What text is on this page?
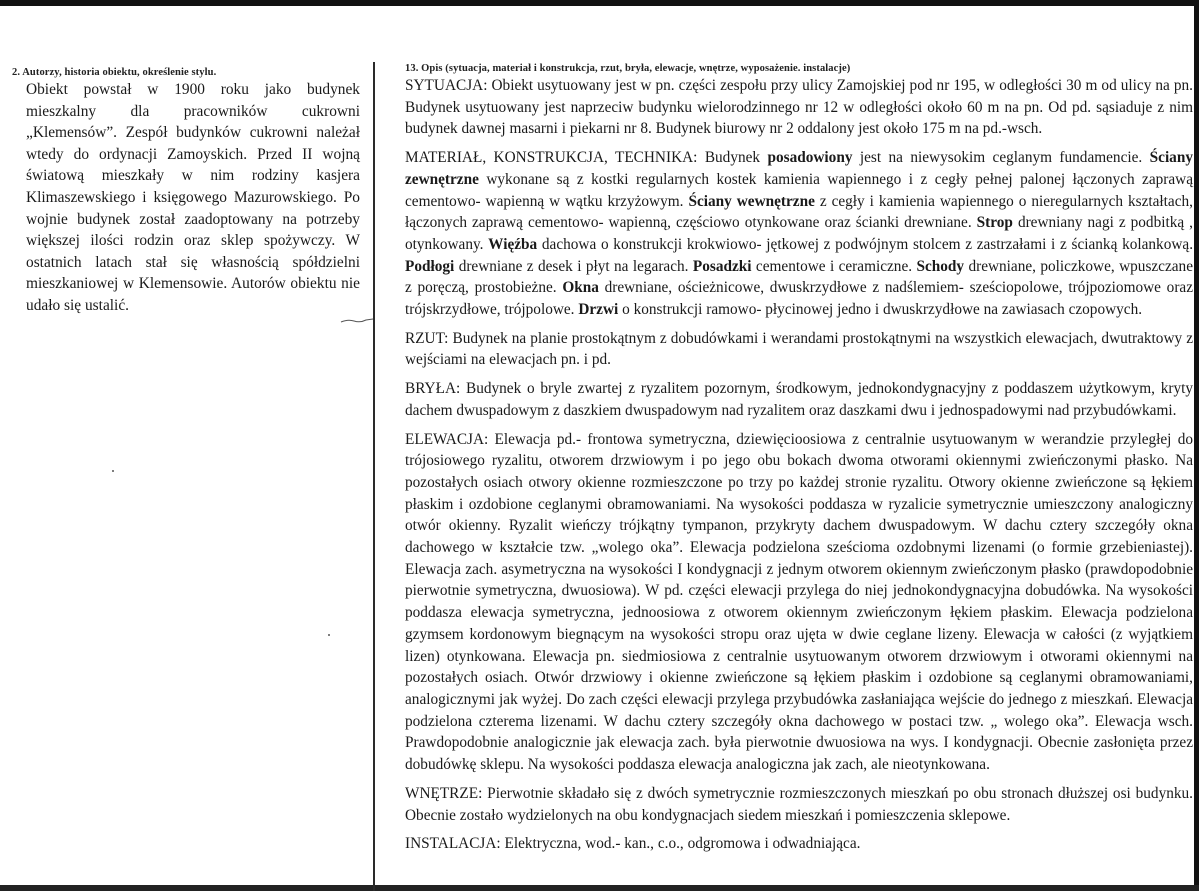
2. Autorzy, historia obiektu, określenie stylu.

Obiekt powstał w 1900 roku jako budynek mieszkalny dla pracowników cukrowni „Klemensów”. Zespół budynków cukrowni należał wtedy do ordynacji Zamoyskich. Przed II wojną światową mieszkały w nim rodziny kasjera Klimaszewskiego i księgowego Mazurowskiego. Po wojnie budynek został zaadoptowany na potrzeby większej ilości rodzin oraz sklep spożywczy. W ostatnich latach stał się własnością spółdzielni mieszkaniowej w Klemensowie. Autorów obiektu nie udało się ustalić.

13. Opis (sytuacja, materiał i konstrukcja, rzut, bryła, elewacje, wnętrze, wyposażenie. instalacje)

SYTUACJA: Obiekt usytuowany jest w pn. części zespołu przy ulicy Zamojskiej pod nr 195, w odległości 30 m od ulicy na pn. Budynek usytuowany jest naprzeciw budynku wielorodzinnego nr 12 w odległości około 60 m na pn. Od pd. sąsiaduje z nim budynek dawnej masarni i piekarni nr 8. Budynek biurowy nr 2 oddalony jest około 175 m na pd.-wsch.

MATERIAŁ, KONSTRUKCJA, TECHNIKA: Budynek posadowiony jest na niewysokim ceglanym fundamencie. Ściany zewnętrzne wykonane są z kostki regularnych kostek kamienia wapiennego i z cegły pełnej palonej łączonych zaprawą cementowo- wapienną w wątku krzyżowym. Ściany wewnętrzne z cegły i kamienia wapiennego o nieregularnych kształtach, łączonych zaprawą cementowo- wapienną, częściowo otynkowane oraz ścianki drewniane. Strop drewniany nagi z podbitką , otynkowany. Więźba dachowa o konstrukcji krokwiowo- jętkowej z podwójnym stolcem z zastrzałami i z ścianką kolankową. Podłogi drewniane z desek i płyt na legarach. Posadzki cementowe i ceramiczne. Schody drewniane, policzkowe, wpuszczane z poręczą, prostobieżne. Okna drewniane, ościeżnicowe, dwuskrzydłowe z nadślemiem- sześciopolowe, trójpoziomowe oraz trójskrzydłowe, trójpolowe. Drzwi o konstrukcji ramowo- płycinowej jedno i dwuskrzydłowe na zawiasach czopowych.

RZUT: Budynek na planie prostokątnym z dobudówkami i werandami prostokątnymi na wszystkich elewacjach, dwutraktowy z wejściami na elewacjach pn. i pd.

BRYŁA: Budynek o bryle zwartej z ryzalitem pozornym, środkowym, jednokondygnacyjny z poddaszem użytkowym, kryty dachem dwuspadowym z daszkiem dwuspadowym nad ryzalitem oraz daszkami dwu i jednospadowymi nad przybudówkami.

ELEWACJA: Elewacja pd.- frontowa symetryczna, dziewięcioosiowa z centralnie usytuowanym w werandzie przyległej do trójosiowego ryzalitu, otworem drzwiowym i po jego obu bokach dwoma otworami okiennymi zwieńczonymi płasko. Na pozostałych osiach otwory okienne rozmieszczone po trzy po każdej stronie ryzalitu. Otwory okienne zwieńczone są łękiem płaskim i ozdobione ceglanymi obramowaniami. Na wysokości poddasza w ryzalicie symetrycznie umieszczony analogiczny otwór okienny. Ryzalit wieńczy trójkątny tympanon, przykryty dachem dwuspadowym. W dachu cztery szczegóły okna dachowego w kształcie tzw. „wolego oka”. Elewacja podzielona sześcioma ozdobnymi lizenami (o formie grzebieniastej). Elewacja zach. asymetryczna na wysokości I kondygnacji z jednym otworem okiennym zwieńczonym płasko (prawdopodobnie pierwotnie symetryczna, dwuosiowa). W pd. części elewacji przylega do niej jednokondygnacyjna dobudówka. Na wysokości poddasza elewacja symetryczna, jednoosiowa z otworem okiennym zwieńczonym łękiem płaskim. Elewacja podzielona gzymsem kordonowym biegnącym na wysokości stropu oraz ujęta w dwie ceglane lizeny. Elewacja w całości (z wyjątkiem lizen) otynkowana. Elewacja pn. siedmiosiowa z centralnie usytuowanym otworem drzwiowym i otworami okiennymi na pozostałych osiach. Otwór drzwiowy i okienne zwieńczone są łękiem płaskim i ozdobione są ceglanymi obramowaniami, analogicznymi jak wyżej. Do zach części elewacji przylega przybudówka zasłaniająca wejście do jednego z mieszkań. Elewacja podzielona czterema lizenami. W dachu cztery szczegóły okna dachowego w postaci tzw. „ wolego oka”. Elewacja wsch. Prawdopodobnie analogicznie jak elewacja zach. była pierwotnie dwuosiowa na wys. I kondygnacji. Obecnie zasłonięta przez dobudówkę sklepu. Na wysokości poddasza elewacja analogiczna jak zach, ale nieotynkowana.

WNĘTRZE: Pierwotnie składało się z dwóch symetrycznie rozmieszczonych mieszkań po obu stronach dłuższej osi budynku. Obecnie zostało wydzielonych na obu kondygnacjach siedem mieszkań i pomieszczenia sklepowe.

INSTALACJA: Elektryczna, wod.- kan., c.o., odgromowa i odwadniająca.
